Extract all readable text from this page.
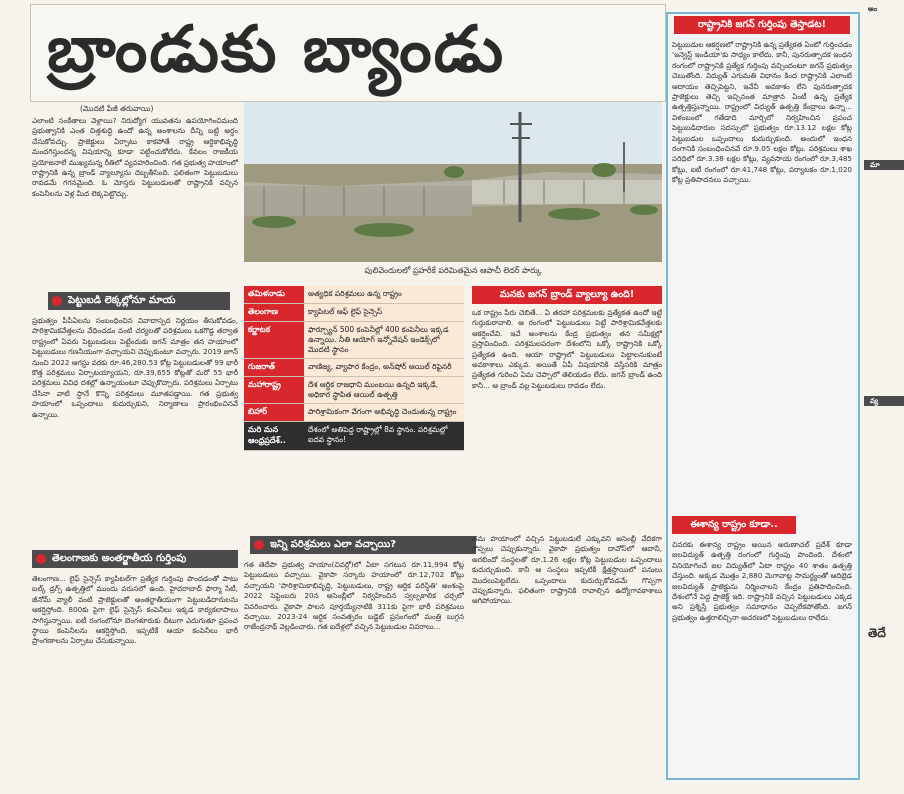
బ్రాండుకు బ్యాండు
(మొదటి పేజీ తరువాయి)
ఎలాంటి సంకేతాలు వెళ్లాయి? నిరుద్యోగ యువతను ఉపయోగించిమంది ప్రభుత్వానికి ఎంత చిత్తశుద్ధి ఉందో ఉన్న అంశాలను దీన్ని బట్టి అర్థం చేసుకోవచ్చు. ప్రాజెక్టులు ఏర్పాటు కాకపోతే రాష్ట్ర ఆర్థికాభివృద్ధి మందగిస్తుందన్న విషయాన్ని కూడా పట్టించుకోలేదు. కేవలం రాజకీయ ప్రయోజనాలే ముఖ్యమన్న రీతిలో వ్యవహరించింది. గత ప్రభుత్వ హయాంలో రాష్ట్రానికి ఉన్న బ్రాండ్ వ్యాల్యూను దెబ్బతీసింది. ఫలితంగా పెట్టుబడులు రావడమే గగనమైంది. ఓ మోస్తరు పెట్టుబడులతో రాష్ట్రానికి వచ్చిన కంపెనీలను వెళ్ల మీద లెక్కపెట్టొచ్చు.
పెట్టుబడి లెక్కల్లోనూ మాయ
ప్రభుత్వం పీపీఏలను సంబంధించిన వివాదాస్పద నిర్ణయం తీసుకోవడం, పారిశ్రామికవేత్తలను వేధించడం వంటి చర్యలతో పరిశ్రమలు ఒకగొడ్డ తర్వాత రాష్ట్రంలో ఏవరు పెట్టుబడులు పెట్టేందుకు జగన్ మాత్రం తన హయాంలో పెట్టుబడులు గణనీయంగా వచ్చాయని చెప్పుకుంటూ వచ్చారు. 2019 జూన్ నుంచి 2022 ఆగస్టు వరకు రూ.46,280.53 కోట్ల పెట్టుబడులతో 99 భారీ కొత్త పరిశ్రమలు ఏర్పాటయ్యాయని, రూ.39,655 కోట్లతో మరో 55 భారీ పరిశ్రమలు వివిధ దశల్లో ఉన్నాయంటూ చెప్పుకొచ్చారు. పరిశ్రమలు ఏర్పాటు చేసినా వాటి స్థానే కొన్ని పరిశ్రమలు మూతపడ్డాయి. గత ప్రభుత్వ హయాంలో ఒప్పందాలు కుదుర్చుకుని, నిర్మాణాలు ప్రారంభించినవే ఉన్నాయి.
తెలంగాణకు అంతర్జాతీయ గుర్తింపు
తెలంగాణ... లైఫ్ సైన్సెస్ క్యాపిటల్‌గా ప్రత్యేక గుర్తింపు పొందడంతో పాటు బల్క్ డ్రగ్స్ ఉత్పత్తిలో ముందు వరుసలో ఉంది. హైదరాబాద్ ఫార్మా సిటీ, జీనోమ్ వ్యాలీ వంటి ప్రాజెక్టులతో అంతర్జాతీయంగా పెట్టుబడిదారులను ఆకర్షిస్తోంది. 800కు పైగా లైఫ్ సైన్సెస్ కంపెనీలు ఇక్కడ కార్యకలాపాలు సాగిస్తున్నాయి. ఐటీ రంగంలోనూ బెంగళూరుకు దీటుగా ఎదుగుతూ ప్రపంచ స్థాయి కంపెనీలను ఆకర్షిస్తోంది. ఇప్పటికే ఆయా కంపెనీలు భారీ ప్రాంగణాలను ఏర్పాటు చేసుకున్నాయి.
పులివెందులలో ప్రహరీకే పరిమితమైన ఆపాచీ లెదర్ పార్కు
తమిళనాడు	అత్యధిక పరిశ్రమలు ఉన్న రాష్ట్రం
తెలంగాణ	క్యాపిటల్ ఆఫ్ లైఫ్ సైన్సెస్
కర్ణాటక	ఫార్చ్యూన్ 500 కంపెనీల్లో 400 కంపెనీలు ఇక్కడ ఉన్నాయి. నీతి ఆయోగ్ ఇన్నోవేషన్ ఇండెక్స్‌లో మొదటి స్థానం
గుజరాత్	వాణిజ్య, వ్యాపార కేంద్రం, అన్‌షోర్ ఆయిల్ రిఫైనరీ
మహారాష్ట్ర	దేశ ఆర్థిక రాజధాని ముంబయి ఉన్నది ఇక్కడే, అధికార స్థాపిత ఆయిల్ ఉత్పత్తి
బిహార్	పారిశ్రామికంగా వేగంగా అభివృద్ధి చెందుతున్న రాష్ట్రం
మరి మన ఆంధ్రప్రదేశ్..
దేశంలో అతిపెద్ద రాష్ట్రాల్లో 8వ స్థానం. పరిశ్రమల్లో ఐదవ స్థానం!
మనకు జగన్ బ్రాండ్ వ్యాల్యూ ఉంది!
ఒక రాష్ట్రం పేరు చెబితే... ఏ తరహా పరిశ్రమలకు ప్రత్యేకత ఉందో ఇట్టే గుర్తుకురావాలి. ఆ రంగంలో పెట్టుబడులు పెట్టే పారిశ్రామికవేత్తలకు ఆకర్షించేవి. ఇవే అంశాలను కేంద్ర ప్రభుత్వం తన సమీక్షల్లో ప్రస్తావించింది. పరిశ్రమలపరంగా దేశంలోని ఒక్కో రాష్ట్రానికి ఒక్కో ప్రత్యేకత ఉంది. ఆయా రాష్ట్రాలో పెట్టుబడులు పెట్టాలనుకుంటే అవకాశాలు ఎక్కువ. అయితే ఏపీ విషయానికి వస్తేసరికి మాత్రం ప్రత్యేకత గురించి ఏమ చెప్పాలో తెలియడం లేదు. జగన్ బ్రాండ్ ఉంది కానీ... ఆ బ్రాండ్ వల్ల పెట్టుబడులు రావడం లేదు.
ఇన్ని పరిశ్రమలు ఎలా వచ్చాయి?
గత తెదేపా ప్రభుత్వ హయాం(చివర్లో)లో ఏటా సగటున రూ.11,994 కోట్ల పెట్టుబడులు వచ్చాయి. వైకాపా సర్కారు హయాంలో రూ.12,702 కోట్లు వచ్చాయని 'పారిశ్రామికాభివృద్ధి, పెట్టుబడులు, రాష్ట్ర ఆర్థిక పరిస్థితి' అంశంపై 2022 సెప్టెంబరు 20న అసెంబ్లీలో నిర్వహించిన స్వల్పకాలిక చర్చలో వివరించారు. వైకాపా పాలన పూర్తయ్యేనాటికి 311కు పైగా భారీ పరిశ్రమలు వచ్చాయి. 2023-24 ఆర్థిక సంవత్సరం బడ్జెట్ ప్రసంగంలో మంత్రి బుగ్గన రాజేంద్రనాథ్ వెల్లడించారు. గత ఐదేళ్లలో వచ్చిన పెట్టుబడుల వివరాలు...
తమ హయాంలో వచ్చిన పెట్టుబడులే ఎక్కువని అసెంబ్లీ వేదికగా గొప్పలు చెప్పుకున్నారు. వైకాపా ప్రభుత్వం దావోస్‌లో ఆదానీ, అరబిందో సంస్థలతో రూ.1.26 లక్షల కోట్ల పెట్టుబడుల ఒప్పందాలు కుదుర్చుకుంది. కానీ ఆ సంస్థలు ఇప్పటికీ క్షేత్రస్థాయిలో పనులు మొదలుపెట్టలేదు. ఒప్పందాలు కుదుర్చుకోవడమే గొప్పగా చెప్పుకున్నారు. ఫలితంగా రాష్ట్రానికి రావాల్సిన ఉద్యోగావకాశాలు ఆగిపోయాయి.
రాష్ట్రానికి జగన్ గుర్తింపు తెస్తాడట!
పెట్టుబడుల ఆకర్షణలో రాష్ట్రానికి ఉన్న ప్రత్యేకత ఏంటో గుర్తించడం 'ఇన్వెస్ట్ ఇండియా'కు సాధ్యం కాలేదు. కానీ, పునరుత్పాదక ఇంధన రంగంలో రాష్ట్రానికి ప్రత్యేక గుర్తింపు వచ్చిందంటూ జగన్ ప్రభుత్వం చెబుతోంది. విద్యుత్ ఎగుమతి విధానం కింద రాష్ట్రానికి ఎలాంటి ఆదాయం తెచ్చిపెట్టని, ఇవేవీ అవకాశం లేని పునరుత్పాదక ప్రాజెక్టులు తెచ్చి ఇచ్చినంత మాత్రాన ఏంటీ ఉన్న ప్రత్యేక ఉత్పత్తిస్తున్నాయి. రాష్ట్రంలో విద్యుత్ ఉత్పత్తి కేంద్రాలు ఉన్నా... విళంబంలో గతేడాది మార్చిలో నిర్వహించిన ప్రపంచ పెట్టుబడిదారుల సదస్సులో ప్రభుత్వం రూ.13.12 లక్షల కోట్ల పెట్టుబడుల ఒప్పందాలు కుదుర్చుకుంది. అందులో ఇంధన రంగానికి సంబంధించినవే రూ.9.05 లక్షల కోట్లు. పరిశ్రమలు శాఖ పరిధిలో రూ.3.38 లక్షల కోట్లు, వ్యవసాయ రంగంలో రూ.3,485 కోట్లు, ఐటీ రంగంలో రూ.41,748 కోట్లు, పర్యాటకం రూ.1,020 కోట్ల ప్రతిపాదనలు వచ్చాయి.
ఈశాన్య రాష్ట్రం కూడా..
చివరకు ఈశాన్య రాష్ట్రం అయిన అరుణాచల్ ప్రదేశ్ కూడా జలవిద్యుత్ ఉత్పత్తి రంగంలో గుర్తింపు పొందింది. దేశంలో వినియోగించే జల విద్యుత్‌లో ఏటా రాష్ట్రం 40 శాతం ఉత్పత్తి చేస్తుంది. అక్కడ మొత్తం 2,880 మెగావాట్ల సామర్థ్యంతో ఆదిభ్రెడ జలవిద్యుత్ ప్రాజెక్టును నిర్మించాలని కేంద్రం ప్రతిపాదించింది. దేశంలోనే పెద్ద ప్రాజెక్ట్ ఇది. రాష్ట్రానికి వచ్చిన పెట్టుబడులు ఎక్కడ అని ప్రశ్నిస్తే ప్రభుత్వం సమాధానం చెప్పలేకపోతోంది. జగన్ ప్రభుత్వం ఉత్తరాలిచ్చినా ఆచరణలో పెట్టుబడులు రాలేదు.
అం
మా
వ్య
తెదే
